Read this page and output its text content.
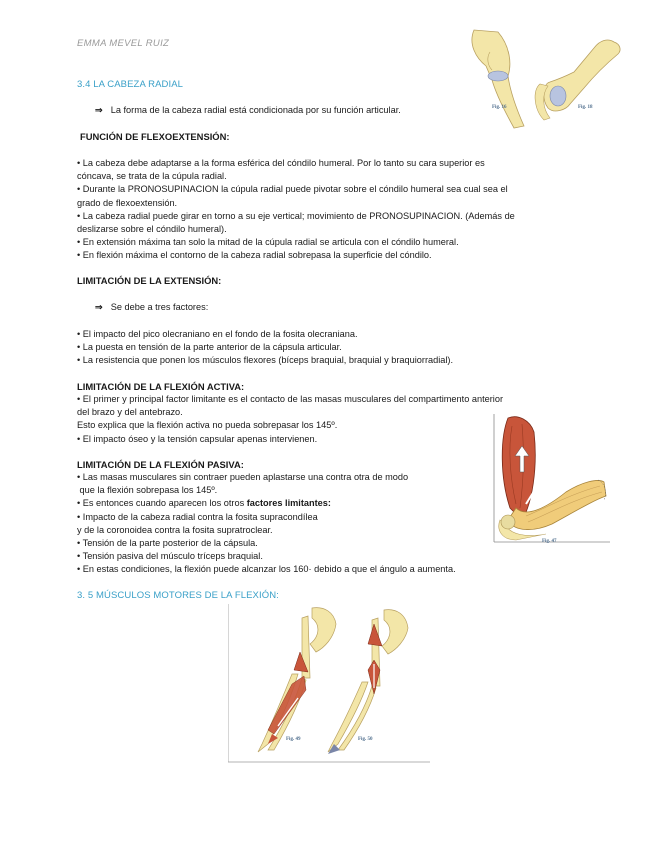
EMMA MEVEL RUIZ
Fig. 16	Fig. 18
3.4 LA CABEZA RADIAL
⇒ La forma de la cabeza radial está condicionada por su función articular.
FUNCIÓN DE FLEXOEXTENSIÓN:
• La cabeza debe adaptarse a la forma esférica del cóndilo humeral. Por lo tanto su cara superior es
cóncava, se trata de la cúpula radial.
• Durante la PRONOSUPINACION la cúpula radial puede pivotar sobre el cóndilo humeral sea cual sea el
grado de flexoextensión.
• La cabeza radial puede girar en torno a su eje vertical; movimiento de PRONOSUPINACION. (Además de
deslizarse sobre el cóndilo humeral).
• En extensión máxima tan solo la mitad de la cúpula radial se articula con el cóndilo humeral.
• En flexión máxima el contorno de la cabeza radial sobrepasa la superficie del cóndilo.
LIMITACIÓN DE LA EXTENSIÓN:
⇒ Se debe a tres factores:
• El impacto del pico olecraniano en el fondo de la fosita olecraniana.
• La puesta en tensión de la parte anterior de la cápsula articular.
• La resistencia que ponen los músculos flexores (bíceps braquial, braquial y braquiorradial).
LIMITACIÓN DE LA FLEXIÓN ACTIVA:
• El primer y principal factor limitante es el contacto de las masas musculares del compartimento anterior
del brazo y del antebrazo.
Esto explica que la flexión activa no pueda sobrepasar los 145º.
• El impacto óseo y la tensión capsular apenas intervienen.
Fig. 47
LIMITACIÓN DE LA FLEXIÓN PASIVA:
• Las masas musculares sin contraer pueden aplastarse una contra otra de modo
que la flexión sobrepasa los 145º.
• Es entonces cuando aparecen los otros factores limitantes:
• Impacto de la cabeza radial contra la fosita supracondílea
y de la coronoidea contra la fosita supratroclear.
• Tensión de la parte posterior de la cápsula.
• Tensión pasiva del músculo tríceps braquial.
• En estas condiciones, la flexión puede alcanzar los 160· debido a que el ángulo a aumenta.
3. 5 MÚSCULOS MOTORES DE LA FLEXIÓN:
Fig. 49	Fig. 50
